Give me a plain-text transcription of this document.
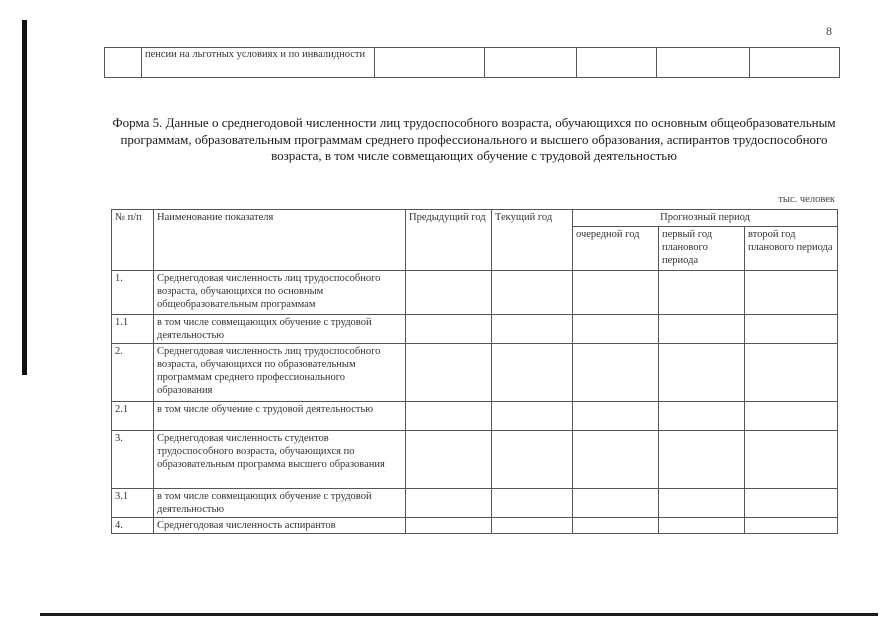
8
	пенсии на льготных условиях и по инвалидности					
Форма 5. Данные о среднегодовой численности лиц трудоспособного возраста, обучающихся по основным общеобразовательным программам, образовательным программам среднего профессионального и высшего образования, аспирантов трудоспособного возраста, в том числе совмещающих обучение с трудовой деятельностью
тыс. человек
№ п/п	Наименование показателя	Предыдущий год	Текущий год	Прогнозный период		
				очередной год	первый год планового периода	второй год планового периода
1.	Среднегодовая численность лиц трудоспособного возраста, обучающихся по основным общеобразовательным программам					
1.1	в том числе совмещающих обучение с трудовой деятельностью					
2.	Среднегодовая численность лиц трудоспособного возраста, обучающихся по образовательным программам среднего профессионального образования					
2.1	в том числе обучение с трудовой деятельностью					
3.	Среднегодовая численность студентов трудоспособного возраста, обучающихся по образовательным программа высшего образования					
3.1	в том числе совмещающих обучение с трудовой деятельностью					
4.	Среднегодовая численность аспирантов					
